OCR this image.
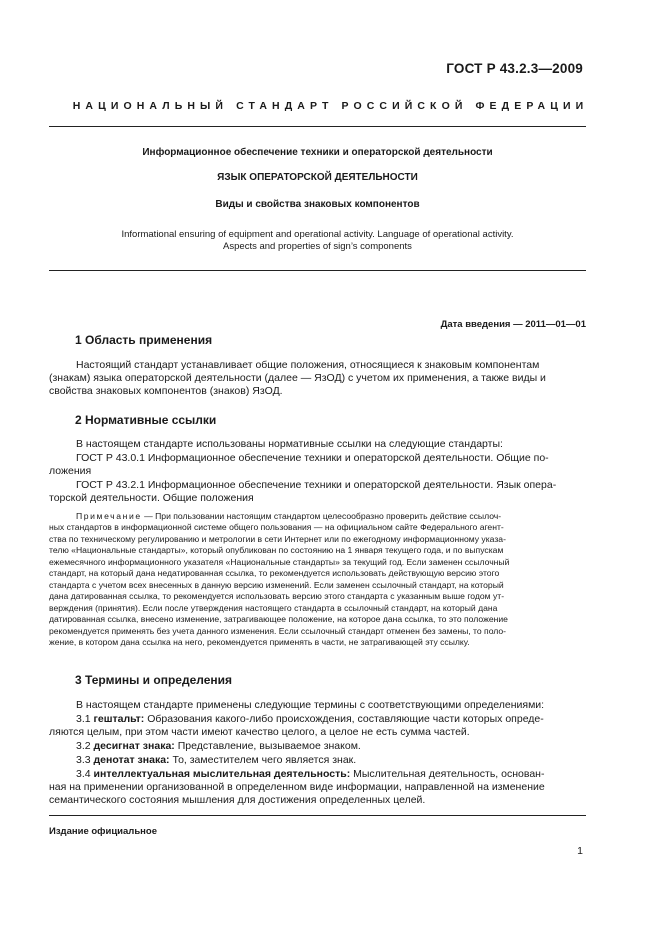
ГОСТ Р 43.2.3—2009
НАЦИОНАЛЬНЫЙ СТАНДАРТ РОССИЙСКОЙ ФЕДЕРАЦИИ
Информационное обеспечение техники и операторской деятельности
ЯЗЫК ОПЕРАТОРСКОЙ ДЕЯТЕЛЬНОСТИ
Виды и свойства знаковых компонентов
Informational ensuring of equipment and operational activity. Language of operational activity.
Aspects and properties of sign’s components
Дата введения — 2011—01—01
1 Область применения
Настоящий стандарт устанавливает общие положения, относящиеся к знаковым компонентам
(знакам) языка операторской деятельности (далее — ЯзОД) с учетом их применения, а также виды и
свойства знаковых компонентов (знаков) ЯзОД.
2 Нормативные ссылки
В настоящем стандарте использованы нормативные ссылки на следующие стандарты:
ГОСТ Р 43.0.1 Информационное обеспечение техники и операторской деятельности. Общие по-
ложения
ГОСТ Р 43.2.1 Информационное обеспечение техники и операторской деятельности. Язык опера-
торской деятельности. Общие положения
Примечание — При пользовании настоящим стандартом целесообразно проверить действие ссылоч-
ных стандартов в информационной системе общего пользования — на официальном сайте Федерального агент-
ства по техническому регулированию и метрологии в сети Интернет или по ежегодному информационному указа-
телю «Национальные стандарты», который опубликован по состоянию на 1 января текущего года, и по выпускам
ежемесячного информационного указателя «Национальные стандарты» за текущий год. Если заменен ссылочный
стандарт, на который дана недатированная ссылка, то рекомендуется использовать действующую версию этого
стандарта с учетом всех внесенных в данную версию изменений. Если заменен ссылочный стандарт, на который
дана датированная ссылка, то рекомендуется использовать версию этого стандарта с указанным выше годом ут-
верждения (принятия). Если после утверждения настоящего стандарта в ссылочный стандарт, на который дана
датированная ссылка, внесено изменение, затрагивающее положение, на которое дана ссылка, то это положение
рекомендуется применять без учета данного изменения. Если ссылочный стандарт отменен без замены, то поло-
жение, в котором дана ссылка на него, рекомендуется применять в части, не затрагивающей эту ссылку.
3 Термины и определения
В настоящем стандарте применены следующие термины с соответствующими определениями:
3.1 гештальт: Образования какого-либо происхождения, составляющие части которых опреде-
ляются целым, при этом части имеют качество целого, а целое не есть сумма частей.
3.2 десигнат знака: Представление, вызываемое знаком.
3.3 денотат знака: То, заместителем чего является знак.
3.4 интеллектуальная мыслительная деятельность: Мыслительная деятельность, основан-
ная на применении организованной в определенном виде информации, направленной на изменение
семантического состояния мышления для достижения определенных целей.
Издание официальное
1
